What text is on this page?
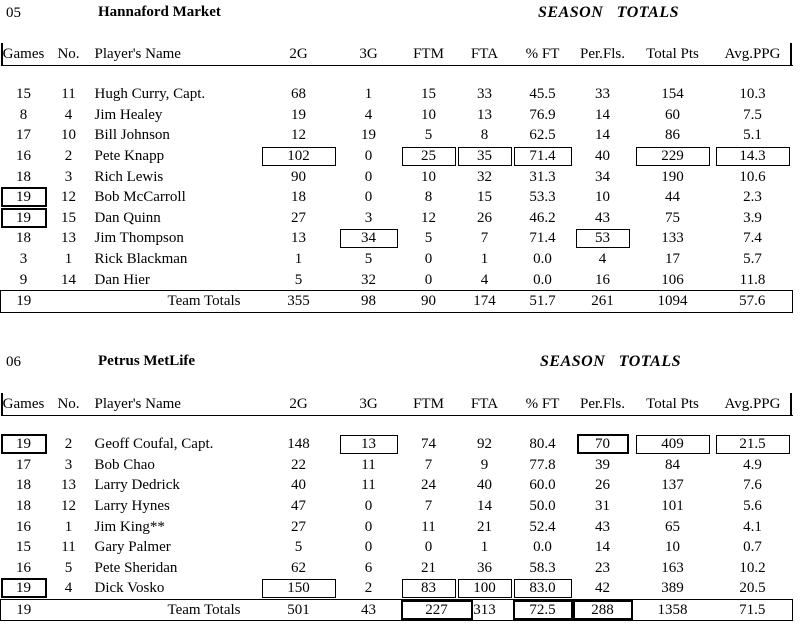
05	Hannaford Market	SEASON   TOTALS
Games	No.	Player's Name	2G	3G	FTM	FTA	% FT	Per.Fls.	Total Pts	Avg.PPG

15	11	Hugh Curry, Capt.	68	1	15	33	45.5	33	154	10.3
8	4	Jim Healey	19	4	10	13	76.9	14	60	7.5
17	10	Bill Johnson	12	19	5	8	62.5	14	86	5.1
16	2	Pete Knapp	102	0	25	35	71.4	40	229	14.3
18	3	Rich Lewis	90	0	10	32	31.3	34	190	10.6
19	12	Bob McCarroll	18	0	8	15	53.3	10	44	2.3
19	15	Dan Quinn	27	3	12	26	46.2	43	75	3.9
18	13	Jim Thompson	13	34	5	7	71.4	53	133	7.4
3	1	Rick Blackman	1	5	0	1	0.0	4	17	5.7
9	14	Dan Hier	5	32	0	4	0.0	16	106	11.8
19	Team Totals		355	98	90	174	51.7	261	1094	57.6
06	Petrus MetLife	SEASON   TOTALS
Games	No.	Player's Name	2G	3G	FTM	FTA	% FT	Per.Fls.	Total Pts	Avg.PPG

19	2	Geoff Coufal, Capt.	148	13	74	92	80.4	70	409	21.5
17	3	Bob Chao	22	11	7	9	77.8	39	84	4.9
18	13	Larry Dedrick	40	11	24	40	60.0	26	137	7.6
18	12	Larry Hynes	47	0	7	14	50.0	31	101	5.6
16	1	Jim King**	27	0	11	21	52.4	43	65	4.1
15	11	Gary Palmer	5	0	0	1	0.0	14	10	0.7
16	5	Pete Sheridan	62	6	21	36	58.3	23	163	10.2
19	4	Dick Vosko	150	2	83	100	83.0	42	389	20.5
19	Team Totals		501	43	227	313	72.5	288	1358	71.5
